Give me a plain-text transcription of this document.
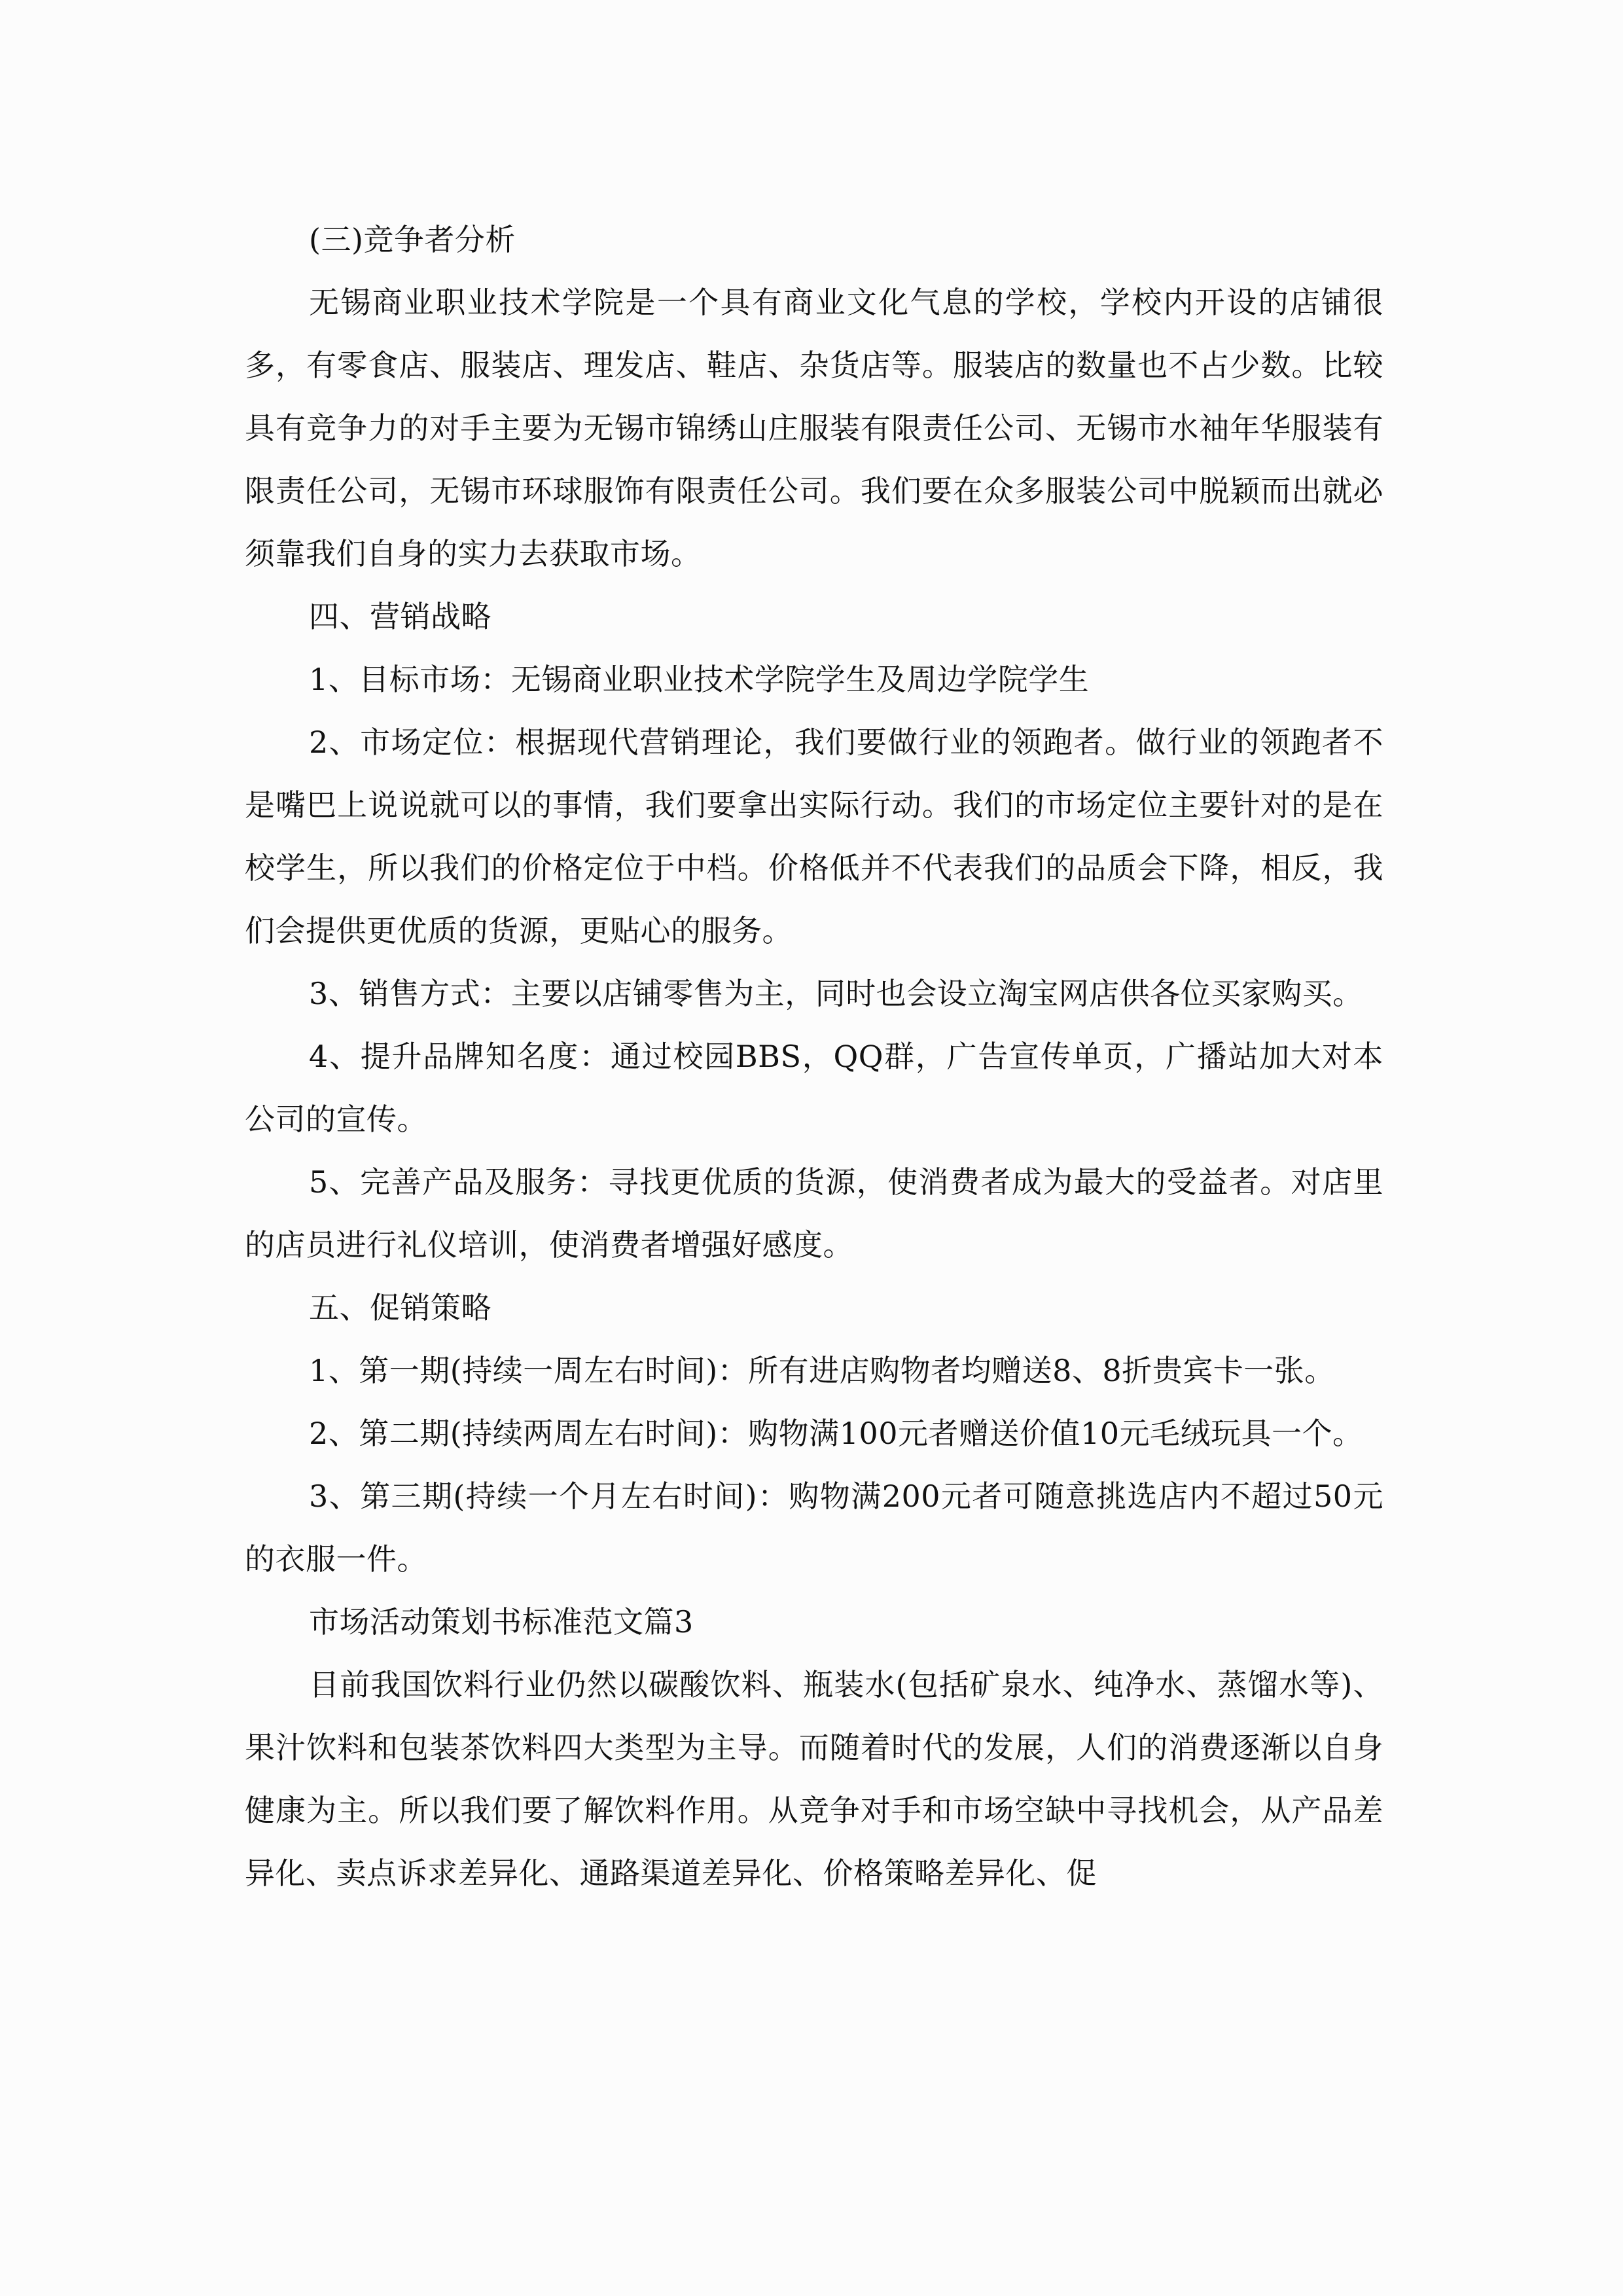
(三)竞争者分析

无锡商业职业技术学院是一个具有商业文化气息的学校，学校内开设的店铺很多，有零食店、服装店、理发店、鞋店、杂货店等。服装店的数量也不占少数。比较具有竞争力的对手主要为无锡市锦绣山庄服装有限责任公司、无锡市水袖年华服装有限责任公司，无锡市环球服饰有限责任公司。我们要在众多服装公司中脱颖而出就必须靠我们自身的实力去获取市场。

四、营销战略

1、目标市场：无锡商业职业技术学院学生及周边学院学生

2、市场定位：根据现代营销理论，我们要做行业的领跑者。做行业的领跑者不是嘴巴上说说就可以的事情，我们要拿出实际行动。我们的市场定位主要针对的是在校学生，所以我们的价格定位于中档。价格低并不代表我们的品质会下降，相反，我们会提供更优质的货源，更贴心的服务。

3、销售方式：主要以店铺零售为主，同时也会设立淘宝网店供各位买家购买。

4、提升品牌知名度：通过校园BBS，QQ群，广告宣传单页，广播站加大对本公司的宣传。

5、完善产品及服务：寻找更优质的货源，使消费者成为最大的受益者。对店里的店员进行礼仪培训，使消费者增强好感度。

五、促销策略

1、第一期(持续一周左右时间)：所有进店购物者均赠送8、8折贵宾卡一张。

2、第二期(持续两周左右时间)：购物满100元者赠送价值10元毛绒玩具一个。

3、第三期(持续一个月左右时间)：购物满200元者可随意挑选店内不超过50元的衣服一件。

市场活动策划书标准范文篇3

目前我国饮料行业仍然以碳酸饮料、瓶装水(包括矿泉水、纯净水、蒸馏水等)、果汁饮料和包装茶饮料四大类型为主导。而随着时代的发展，人们的消费逐渐以自身健康为主。所以我们要了解饮料作用。从竞争对手和市场空缺中寻找机会，从产品差异化、卖点诉求差异化、通路渠道差异化、价格策略差异化、促
